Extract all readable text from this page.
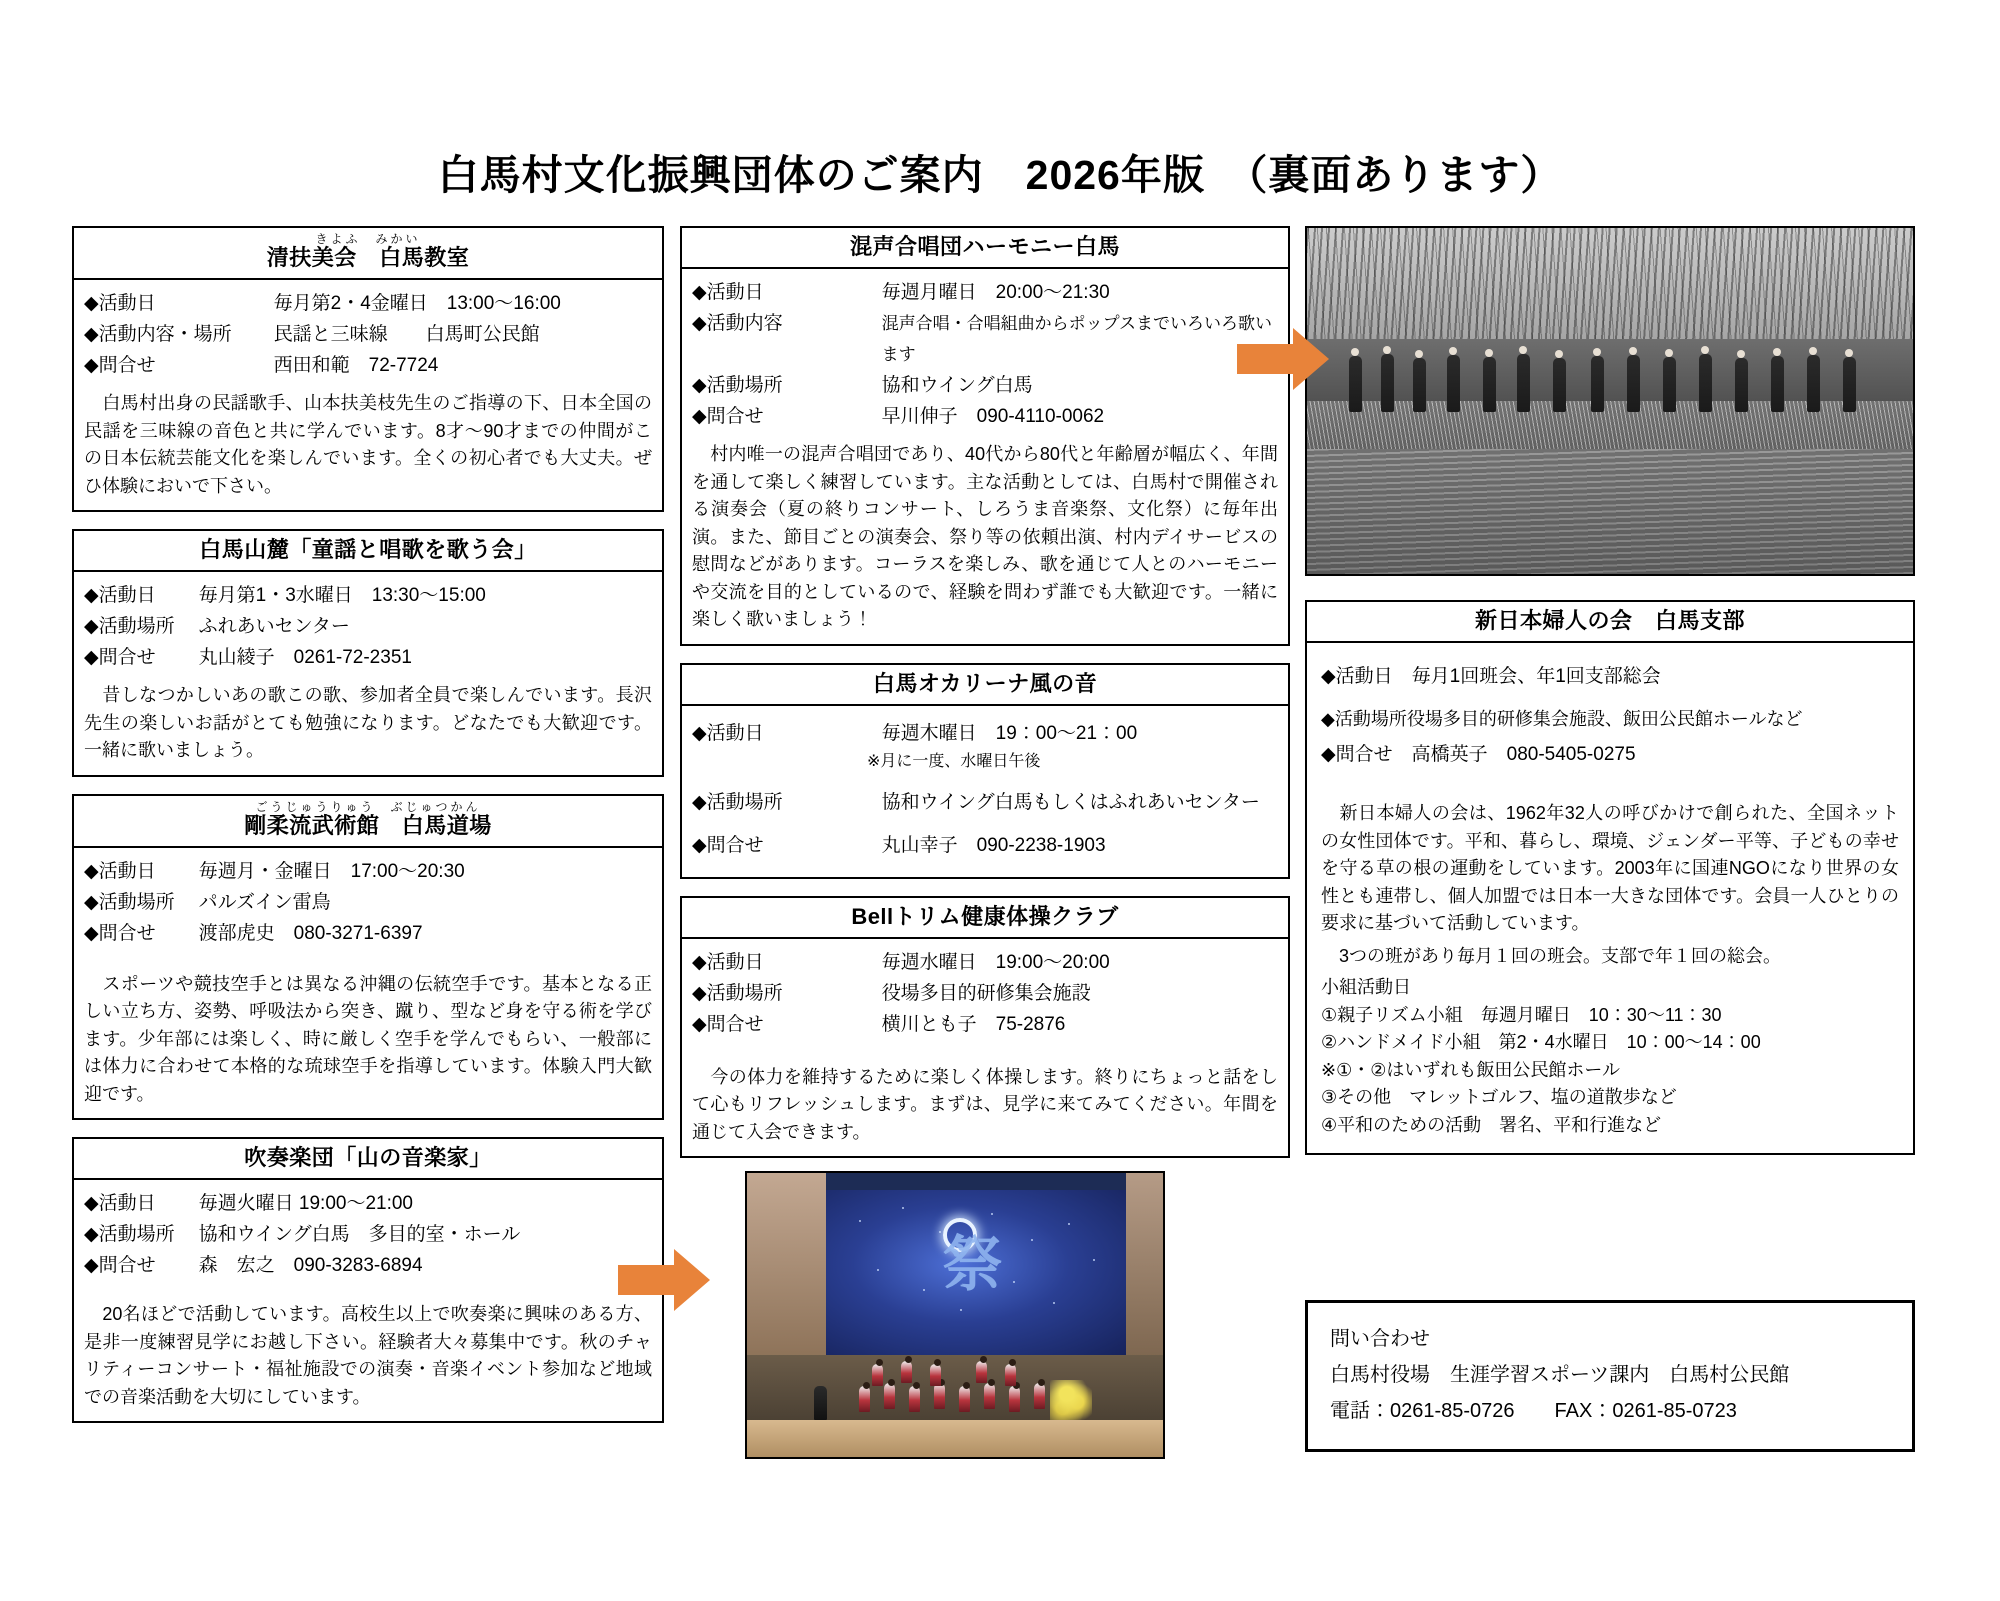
白馬村文化振興団体のご案内　2026年版　（裏面あります）
きよふ　みかい
清扶美会　白馬教室
◆ 活動日	毎月第2・4金曜日　13:00〜16:00
◆ 活動内容・場所	民謡と三味線　　白馬町公民館
◆ 問合せ	西田和範　72-7724
　白馬村出身の民謡歌手、山本扶美枝先生のご指導の下、日本全国の民謡を三味線の音色と共に学んでいます。8才〜90才までの仲間がこの日本伝統芸能文化を楽しんでいます。全くの初心者でも大丈夫。ぜひ体験においで下さい。
白馬山麓「童謡と唱歌を歌う会」
◆ 活動日	毎月第1・3水曜日　13:30〜15:00
◆ 活動場所	ふれあいセンター
◆ 問合せ	丸山綾子　0261-72-2351
　昔しなつかしいあの歌この歌、参加者全員で楽しんでいます。長沢先生の楽しいお話がとても勉強になります。どなたでも大歓迎です。一緒に歌いましょう。
ごうじゅうりゅう　ぶじゅつかん
剛柔流武術館　白馬道場
◆ 活動日	毎週月・金曜日　17:00〜20:30
◆ 活動場所	パルズイン雷鳥
◆ 問合せ	渡部虎史　080-3271-6397
　スポーツや競技空手とは異なる沖縄の伝統空手です。基本となる正しい立ち方、姿勢、呼吸法から突き、蹴り、型など身を守る術を学びます。少年部には楽しく、時に厳しく空手を学んでもらい、一般部には体力に合わせて本格的な琉球空手を指導しています。体験入門大歓迎です。
吹奏楽団「山の音楽家」
◆ 活動日	毎週火曜日 19:00〜21:00
◆ 活動場所	協和ウイング白馬　多目的室・ホール
◆ 問合せ	森　宏之　090-3283-6894
　20名ほどで活動しています。高校生以上で吹奏楽に興味のある方、是非一度練習見学にお越し下さい。経験者大々募集中です。秋のチャリティーコンサート・福祉施設での演奏・音楽イベント参加など地域での音楽活動を大切にしています。
混声合唱団ハーモニー白馬
◆ 活動日	毎週月曜日　20:00〜21:30
◆ 活動内容	混声合唱・合唱組曲からポップスまでいろいろ歌います
◆ 活動場所	協和ウイング白馬
◆ 問合せ	早川伸子　090-4110-0062
　村内唯一の混声合唱団であり、40代から80代と年齢層が幅広く、年間を通して楽しく練習しています。主な活動としては、白馬村で開催される演奏会（夏の終りコンサート、しろうま音楽祭、文化祭）に毎年出演。また、節目ごとの演奏会、祭り等の依頼出演、村内デイサービスの慰問などがあります。コーラスを楽しみ、歌を通じて人とのハーモニーや交流を目的としているので、経験を問わず誰でも大歓迎です。一緒に楽しく歌いましょう！
白馬オカリーナ風の音
◆ 活動日	毎週木曜日　19：00〜21：00
※月に一度、水曜日午後
◆ 活動場所	協和ウイング白馬もしくはふれあいセンター
◆ 問合せ	丸山幸子　090-2238-1903
Bellトリム健康体操クラブ
◆ 活動日	毎週水曜日　19:00〜20:00
◆ 活動場所	役場多目的研修集会施設
◆ 問合せ	横川とも子　75-2876
　今の体力を維持するために楽しく体操します。終りにちょっと話をして心もリフレッシュします。まずは、見学に来てみてください。年間を通じて入会できます。
新日本婦人の会　白馬支部
◆ 活動日 　毎月1回班会、年1回支部総会
◆ 活動場所 役場多目的研修集会施設、飯田公民館ホールなど
◆ 問合せ 　高橋英子　080-5405-0275
　新日本婦人の会は、1962年32人の呼びかけで創られた、全国ネットの女性団体です。平和、暮らし、環境、ジェンダー平等、子どもの幸せを守る草の根の運動をしています。2003年に国連NGOになり世界の女性とも連帯し、個人加盟では日本一大きな団体です。会員一人ひとりの要求に基づいて活動しています。
　3つの班があり毎月１回の班会。支部で年１回の総会。
小組活動日
①親子リズム小組　毎週月曜日　10：30〜11：30
②ハンドメイド小組　第2・4水曜日　10：00〜14：00
※①・②はいずれも飯田公民館ホール
③その他　マレットゴルフ、塩の道散歩など
④平和のための活動　署名、平和行進など
祭
問い合わせ
白馬村役場　生涯学習スポーツ課内　白馬村公民館
電話：0261-85-0726　　FAX：0261-85-0723
